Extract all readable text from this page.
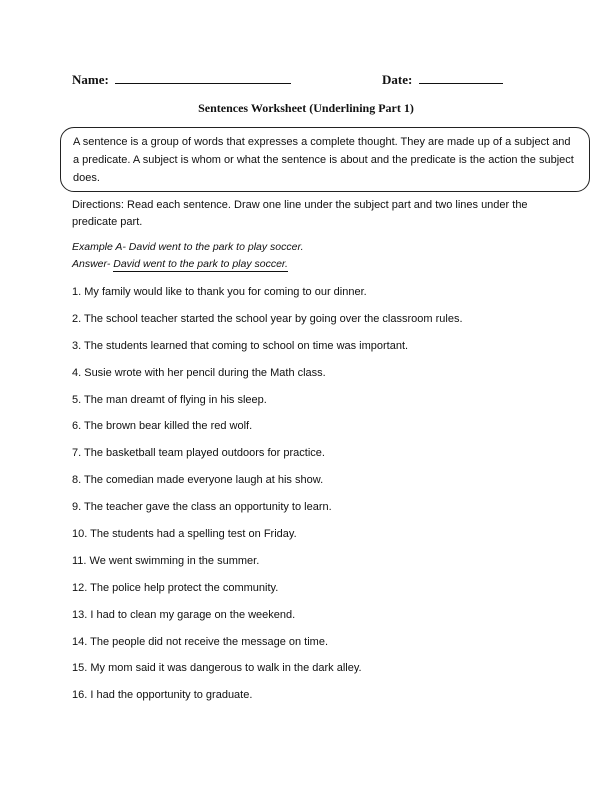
Name:	Date:
Sentences Worksheet (Underlining Part 1)
A sentence is a group of words that expresses a complete thought. They are made up of a subject and a predicate. A subject is whom or what the sentence is about and the predicate is the action the subject does.
Directions: Read each sentence. Draw one line under the subject part and two lines under the predicate part.
Example A- David went to the park to play soccer.
Answer- David went to the park to play soccer.
1. My family would like to thank you for coming to our dinner.
2. The school teacher started the school year by going over the classroom rules.
3. The students learned that coming to school on time was important.
4. Susie wrote with her pencil during the Math class.
5. The man dreamt of flying in his sleep.
6. The brown bear killed the red wolf.
7. The basketball team played outdoors for practice.
8. The comedian made everyone laugh at his show.
9. The teacher gave the class an opportunity to learn.
10. The students had a spelling test on Friday.
11. We went swimming in the summer.
12. The police help protect the community.
13. I had to clean my garage on the weekend.
14. The people did not receive the message on time.
15. My mom said it was dangerous to walk in the dark alley.
16. I had the opportunity to graduate.
